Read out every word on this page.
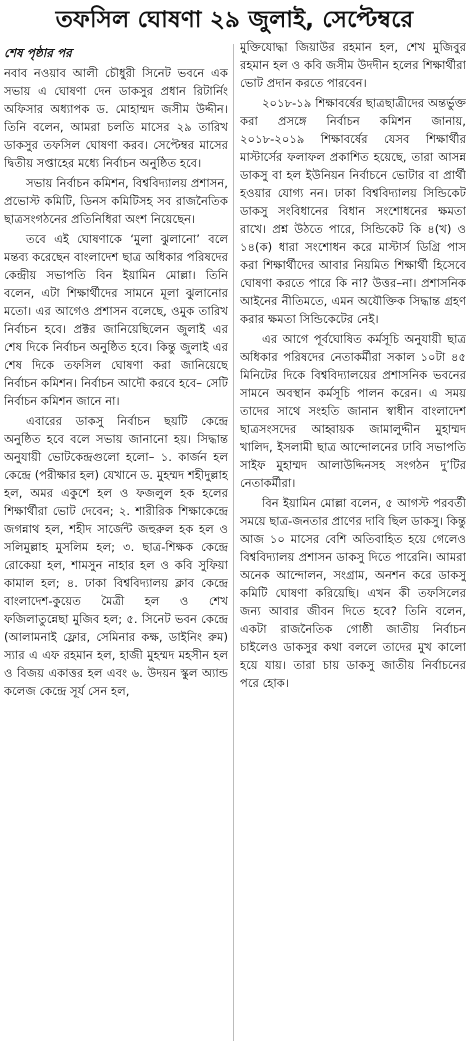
তফসিল ঘোষণা ২৯ জুলাই, সেপ্টেম্বরে

শেষ পৃষ্ঠার পর

নবাব নওয়াব আলী চৌধুরী সিনেট ভবনে এক সভায় এ ঘোষণা দেন ডাকসুর প্রধান রিটার্নিং অফিসার অধ্যাপক ড. মোহাম্মদ জসীম উদ্দীন। তিনি বলেন, আমরা চলতি মাসের ২৯ তারিখ ডাকসুর তফসিল ঘোষণা করব। সেপ্টেম্বর মাসের দ্বিতীয় সপ্তাহের মধ্যে নির্বাচন অনুষ্ঠিত হবে।

সভায় নির্বাচন কমিশন, বিশ্ববিদ্যালয় প্রশাসন, প্রভোস্ট কমিটি, ডিনস কমিটিসহ সব রাজনৈতিক ছাত্রসংগঠনের প্রতিনিধিরা অংশ নিয়েছেন।

তবে এই ঘোষণাকে ‘মুলা ঝুলানো’ বলে মন্তব্য করেছেন বাংলাদেশ ছাত্র অধিকার পরিষদের কেন্দ্রীয় সভাপতি বিন ইয়ামিন মোল্লা। তিনি বলেন, এটা শিক্ষার্থীদের সামনে মূলা ঝুলানোর মতো। এর আগেও প্রশাসন বলেছে, ওমুক তারিখ নির্বাচন হবে। প্রক্টর জানিয়েছিলেন জুলাই এর শেষ দিকে নির্বাচন অনুষ্ঠিত হবে। কিন্তু জুলাই এর শেষ দিকে তফসিল ঘোষণা করা জানিয়েছে নির্বাচন কমিশন। নির্বাচন আদৌ করবে হবে– সেটি নির্বাচন কমিশন জানে না।

এবারের ডাকসু নির্বাচন ছয়টি কেন্দ্রে অনুষ্ঠিত হবে বলে সভায় জানানো হয়। সিদ্ধান্ত অনুযায়ী ভোটকেন্দ্রগুলো হলো– ১. কার্জন হল কেন্দ্রে (পরীক্ষার হল) যেখানে ড. মুহম্মদ শহীদুল্লাহ হল, অমর একুশে হল ও ফজলুল হক হলের শিক্ষার্থীরা ভোট দেবেন; ২. শারীরিক শিক্ষাকেন্দ্রে জগন্নাথ হল, শহীদ সার্জেন্ট জহুরুল হক হল ও সলিমুল্লাহ মুসলিম হল; ৩. ছাত্র-শিক্ষক কেন্দ্রে রোকেয়া হল, শামসুন নাহার হল ও কবি সুফিয়া কামাল হল; ৪. ঢাকা বিশ্ববিদ্যালয় ক্লাব কেন্দ্রে বাংলাদেশ-কুয়েত মৈত্রী হল ও শেখ ফজিলাতুন্নেছা মুজিব হল; ৫. সিনেট ভবন কেন্দ্রে (আলামনাই ফ্লোর, সেমিনার কক্ষ, ডাইনিং রুম) স্যার এ এফ রহমান হল, হাজী মুহম্মদ মহসীন হল ও বিজয় একাত্তর হল এবং ৬. উদয়ন স্কুল অ্যান্ড কলেজ কেন্দ্রে সূর্য সেন হল,

মুক্তিযোদ্ধা জিয়াউর রহমান হল, শেখ মুজিবুর রহমান হল ও কবি জসীম উদদীন হলের শিক্ষার্থীরা ভোট প্রদান করতে পারবেন।

২০১৮-১৯ শিক্ষাবর্ষের ছাত্রছাত্রীদের অন্তর্ভুক্ত করা প্রসঙ্গে নির্বাচন কমিশন জানায়, ২০১৮-২০১৯ শিক্ষাবর্ষের যেসব শিক্ষার্থীর মাস্টার্সের ফলাফল প্রকাশিত হয়েছে, তারা আসন্ন ডাকসু বা হল ইউনিয়ন নির্বাচনে ভোটার বা প্রার্থী হওয়ার যোগ্য নন। ঢাকা বিশ্ববিদ্যালয় সিন্ডিকেট ডাকসু সংবিধানের বিধান সংশোধনের ক্ষমতা রাখে। প্রশ্ন উঠতে পারে, সিন্ডিকেট কি ৪(খ) ও ১৪(ক) ধারা সংশোধন করে মাস্টার্স ডিগ্রি পাস করা শিক্ষার্থীদের আবার নিয়মিত শিক্ষার্থী হিসেবে ঘোষণা করতে পারে কি না? উত্তর–না। প্রশাসনিক আইনের নীতিমতে, এমন অযৌক্তিক সিদ্ধান্ত গ্রহণ করার ক্ষমতা সিন্ডিকেটের নেই।

এর আগে পূর্বঘোষিত কর্মসূচি অনুযায়ী ছাত্র অধিকার পরিষদের নেতাকর্মীরা সকাল ১০টা ৪৫ মিনিটের দিকে বিশ্ববিদ্যালয়ের প্রশাসনিক ভবনের সামনে অবস্থান কর্মসূচি পালন করেন। এ সময় তাদের সাথে সংহতি জানান স্বাধীন বাংলাদেশ ছাত্রসংসদের আহ্বায়ক জামালুদ্দীন মুহাম্মদ খালিদ, ইসলামী ছাত্র আন্দোলনের ঢাবি সভাপতি সাইফ মুহাম্মদ আলাউদ্দিনসহ সংগঠন দু’টির নেতাকর্মীরা।

বিন ইয়ামিন মোল্লা বলেন, ৫ আগস্ট পরবর্তী সময়ে ছাত্র-জনতার প্রাণের দাবি ছিল ডাকসু। কিন্তু আজ ১০ মাসের বেশি অতিবাহিত হয়ে গেলেও বিশ্ববিদ্যালয় প্রশাসন ডাকসু দিতে পারেনি। আমরা অনেক আন্দোলন, সংগ্রাম, অনশন করে ডাকসু কমিটি ঘোষণা করিয়েছি। এখন কী তফসিলের জন্য আবার জীবন দিতে হবে? তিনি বলেন, একটা রাজনৈতিক গোষ্ঠী জাতীয় নির্বাচন চাইলেও ডাকসুর কথা বললে তাদের মুখ কালো হয়ে যায়। তারা চায় ডাকসু জাতীয় নির্বাচনের পরে হোক।
